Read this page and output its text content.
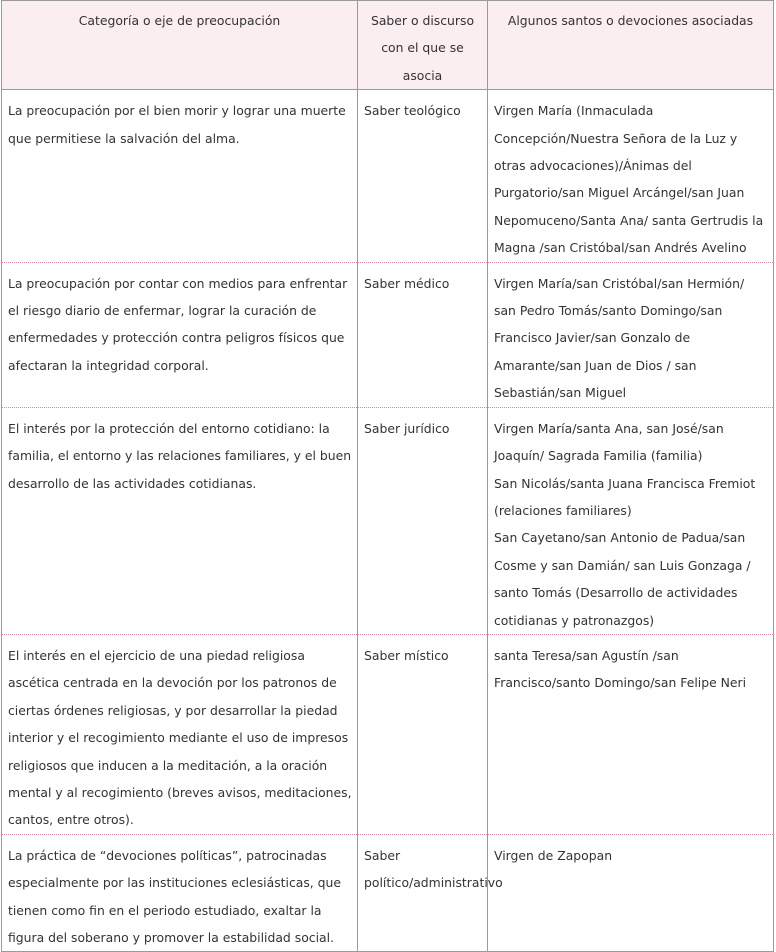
Categoría o eje de preocupación	Saber o discurso con el que se asocia	Algunos santos o devociones asociadas
La preocupación por el bien morir y lograr una muerte que permitiese la salvación del alma.	Saber teológico	Virgen María (Inmaculada Concepción/Nuestra Señora de la Luz y otras advocaciones)/Ánimas del Purgatorio/san Miguel Arcángel/san Juan Nepomuceno/Santa Ana/ santa Gertrudis la Magna /san Cristóbal/san Andrés Avelino

La preocupación por contar con medios para enfrentar el riesgo diario de enfermar, lograr la curación de enfermedades y protección contra peligros físicos que afectaran la integridad corporal.	Saber médico	Virgen María/san Cristóbal/san Hermión/ san Pedro Tomás/santo Domingo/san Francisco Javier/san Gonzalo de Amarante/san Juan de Dios / san Sebastián/san Miguel

El interés por la protección del entorno cotidiano: la familia, el entorno y las relaciones familiares, y el buen desarrollo de las actividades cotidianas.	Saber jurídico	Virgen María/santa Ana, san José/san Joaquín/ Sagrada Familia (familia)
San Nicolás/santa Juana Francisca Fremiot (relaciones familiares)
San Cayetano/san Antonio de Padua/san Cosme y san Damián/ san Luis Gonzaga / santo Tomás (Desarrollo de actividades cotidianas y patronazgos)

El interés en el ejercicio de una piedad religiosa ascética centrada en la devoción por los patronos de ciertas órdenes religiosas, y por desarrollar la piedad interior y el recogimiento mediante el uso de impresos religiosos que inducen a la meditación, a la oración mental y al recogimiento (breves avisos, meditaciones, cantos, entre otros).	Saber místico	santa Teresa/san Agustín /san Francisco/santo Domingo/san Felipe Neri

La práctica de “devociones políticas”, patrocinadas especialmente por las instituciones eclesiásticas, que tienen como fin en el periodo estudiado, exaltar la figura del soberano y promover la estabilidad social.	Saber político/administrativo	Virgen de Zapopan
